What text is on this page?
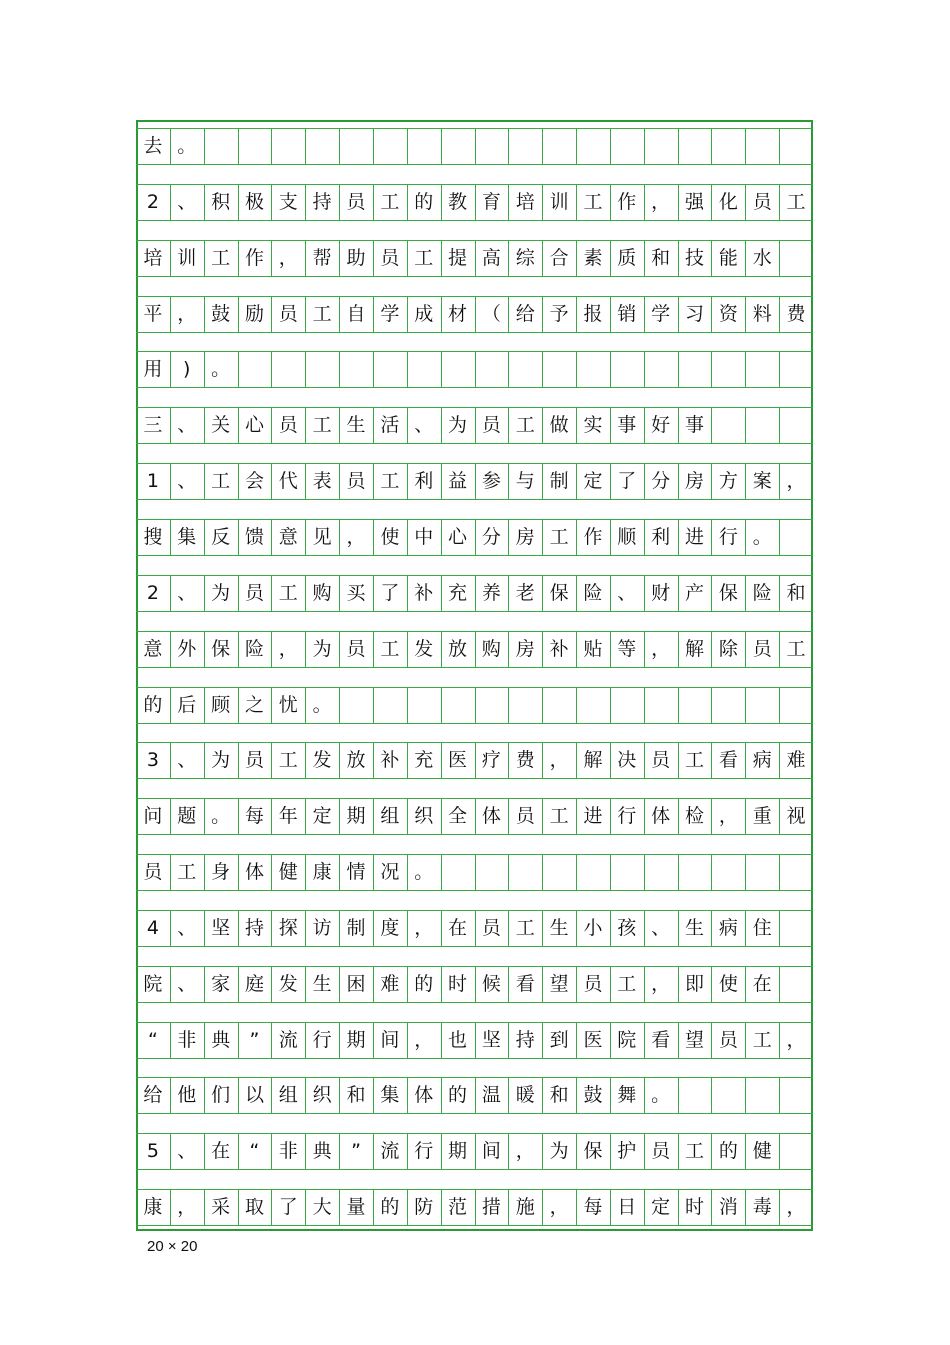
去 。
2 、 积 极 支 持 员 工 的 教 育 培 训 工 作 ， 强 化 员 工
培 训 工 作 ， 帮 助 员 工 提 高 综 合 素 质 和 技 能 水
平 ， 鼓 励 员 工 自 学 成 材 （ 给 予 报 销 学 习 资 料 费
用	)	。
三 、 关 心 员 工 生 活 、 为 员 工 做 实 事 好 事
1 、 工 会 代 表 员 工 利 益 参 与 制 定 了 分 房 方 案 ，
搜 集 反 馈 意 见 ， 使 中 心 分 房 工 作 顺 利 进 行 。
2 、 为 员 工 购 买 了 补 充 养 老 保 险 、 财 产 保 险 和
意 外 保 险 ， 为 员 工 发 放 购 房 补 贴 等 ， 解 除 员 工
的 后 顾 之 忧 。
3 、 为 员 工 发 放 补 充 医 疗 费 ， 解 决 员 工 看 病 难
问 题 。 每 年 定 期 组 织 全 体 员 工 进 行 体 检 ， 重 视
员 工 身 体 健 康 情 况 。
4 、 坚 持 探 访 制 度 ， 在 员 工 生 小 孩 、 生 病 住
院 、 家 庭 发 生 困 难 的 时 候 看 望 员 工 ， 即 使 在
“	非 典	”	流 行 期 间 ， 也 坚 持 到 医 院 看 望 员 工 ，
给 他 们 以 组 织 和 集 体 的 温 暖 和 鼓 舞 。
5 、 在	“	非 典	”	流 行 期 间 ， 为 保 护 员 工 的 健
康 ， 采 取 了 大 量 的 防 范 措 施 ， 每 日 定 时 消 毒 ，
20 × 20
